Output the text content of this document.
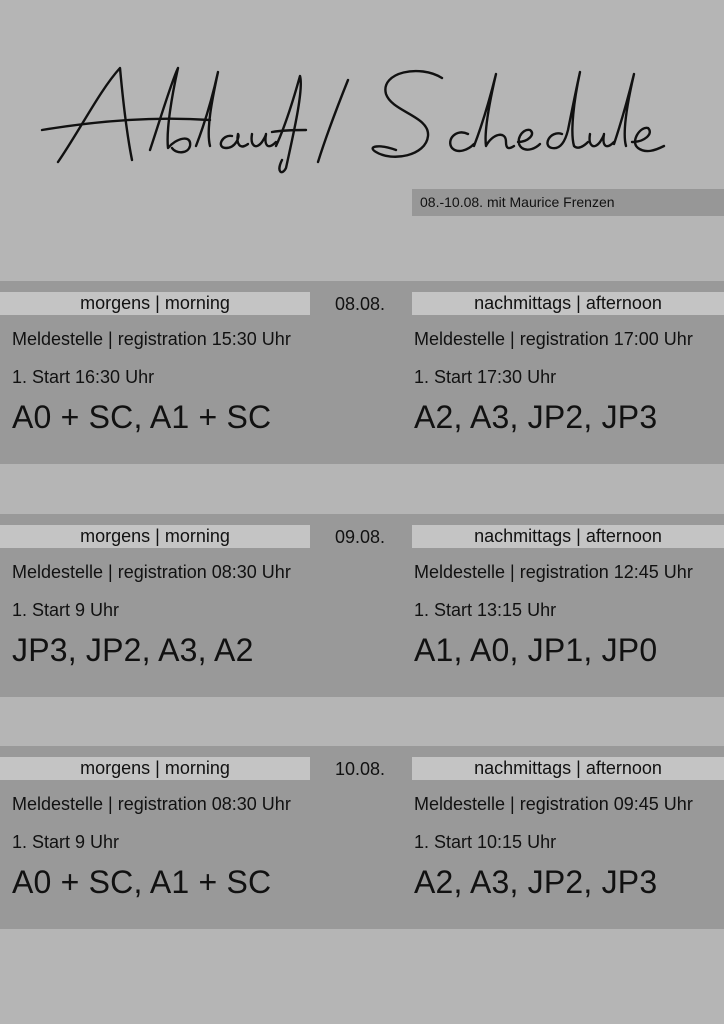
08.-10.08. mit Maurice Frenzen
morgens | morning	08.08.	nachmittags | afternoon
Meldestelle | registration 15:30 Uhr	Meldestelle | registration 17:00 Uhr
1. Start 16:30 Uhr	1. Start 17:30 Uhr
A0 + SC, A1 + SC	A2, A3, JP2, JP3
morgens | morning	09.08.	nachmittags | afternoon
Meldestelle | registration 08:30 Uhr	Meldestelle | registration 12:45 Uhr
1. Start 9 Uhr	1. Start 13:15 Uhr
JP3, JP2, A3, A2	A1, A0, JP1, JP0
morgens | morning	10.08.	nachmittags | afternoon
Meldestelle | registration 08:30 Uhr	Meldestelle | registration 09:45 Uhr
1. Start 9 Uhr	1. Start 10:15 Uhr
A0 + SC, A1 + SC	A2, A3, JP2, JP3
